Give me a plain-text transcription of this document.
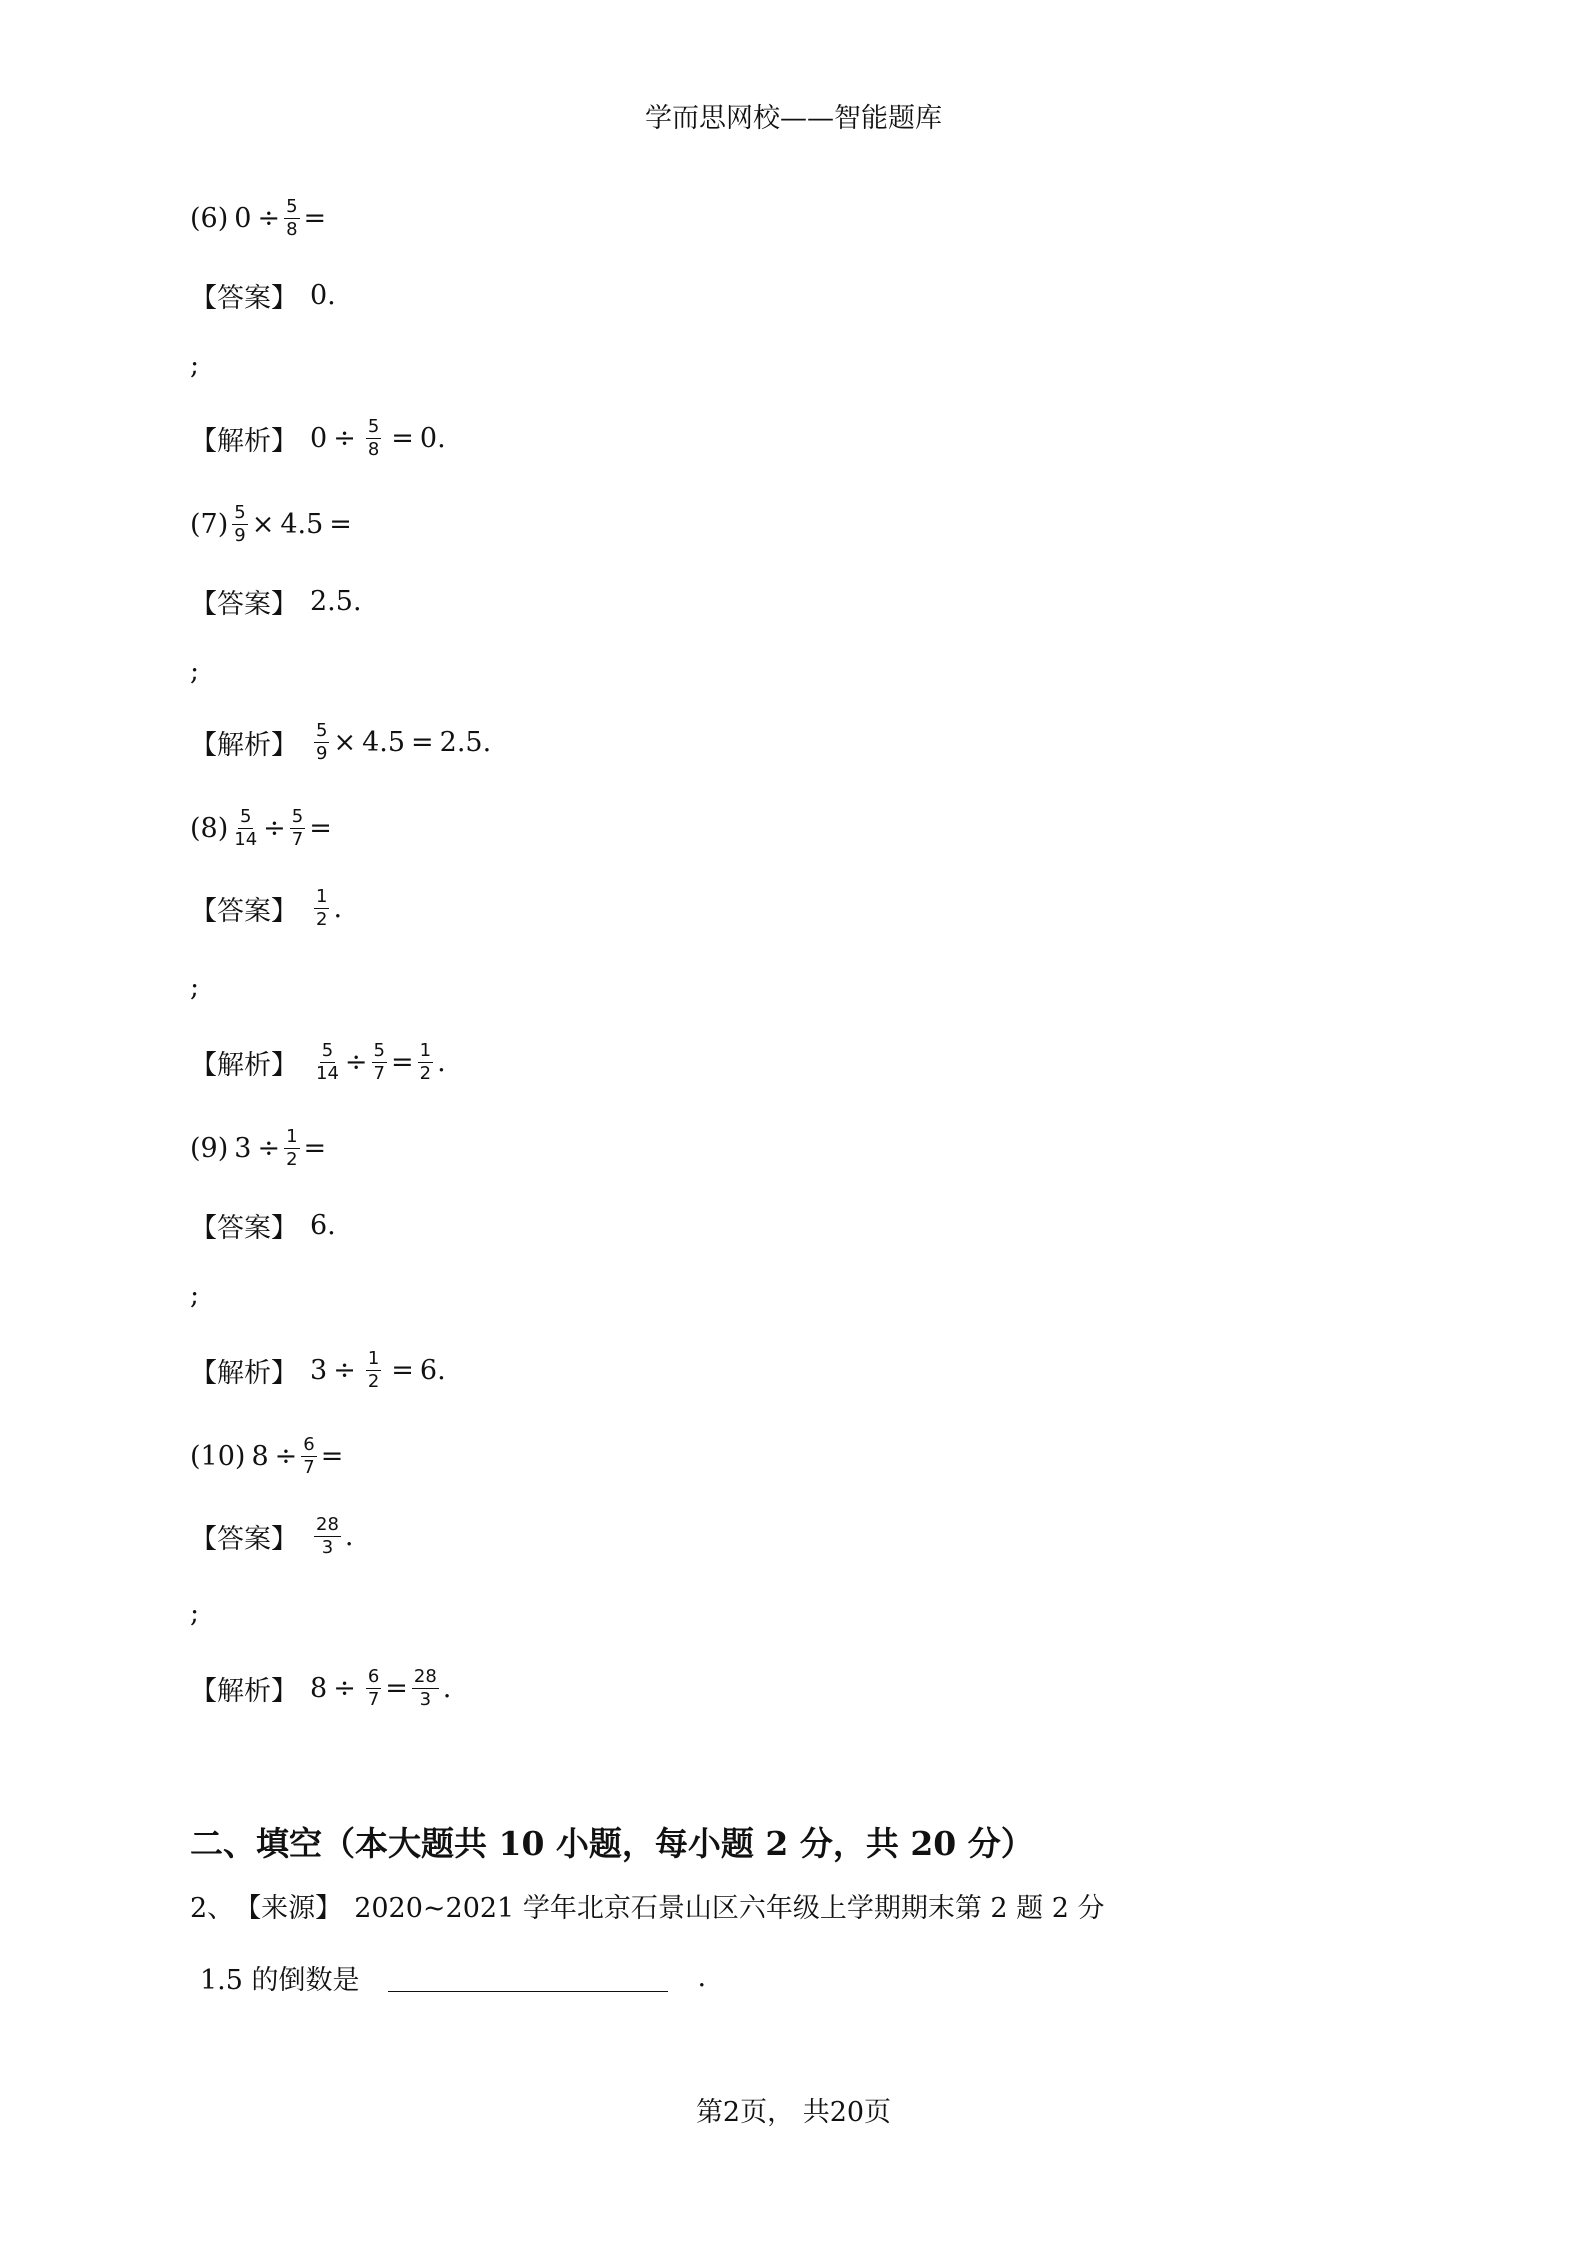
学而思网校——智能题库
(6) $0 \div \frac{5}{8}$ =
【答案】 0.
;
【解析】 $0 \div \frac{5}{8} = 0$.
$(7) \frac{5}{9} \times 4.5$ =
【答案】 2.5.
;
【解析】 $\frac{5}{9} \times 4.5 = 2.5$.
$(8) \frac{5}{14} \div \frac{5}{7}$ =
【答案】 $\frac{1}{2}$ .
;
【解析】 $\frac{5}{14} \div \frac{5}{7} = \frac{1}{2}$ .
(9) $3 \div \frac{1}{2}$ =
【答案】 6.
;
【解析】 $3 \div \frac{1}{2} = 6$.
(10) $8 \div \frac{6}{7}$ =
【答案】 $\frac{28}{3}$ .
;
【解析】 $8 \div \frac{6}{7} = \frac{28}{3}$ .
二、填空（本大题共 10 小题，每小题 2 分，共 20 分）
2、 【来源】 2020~2021 学年北京石景山区六年级上学期期末第 2 题 2 分
1.5 的倒数是	.
第2页， 共20页
